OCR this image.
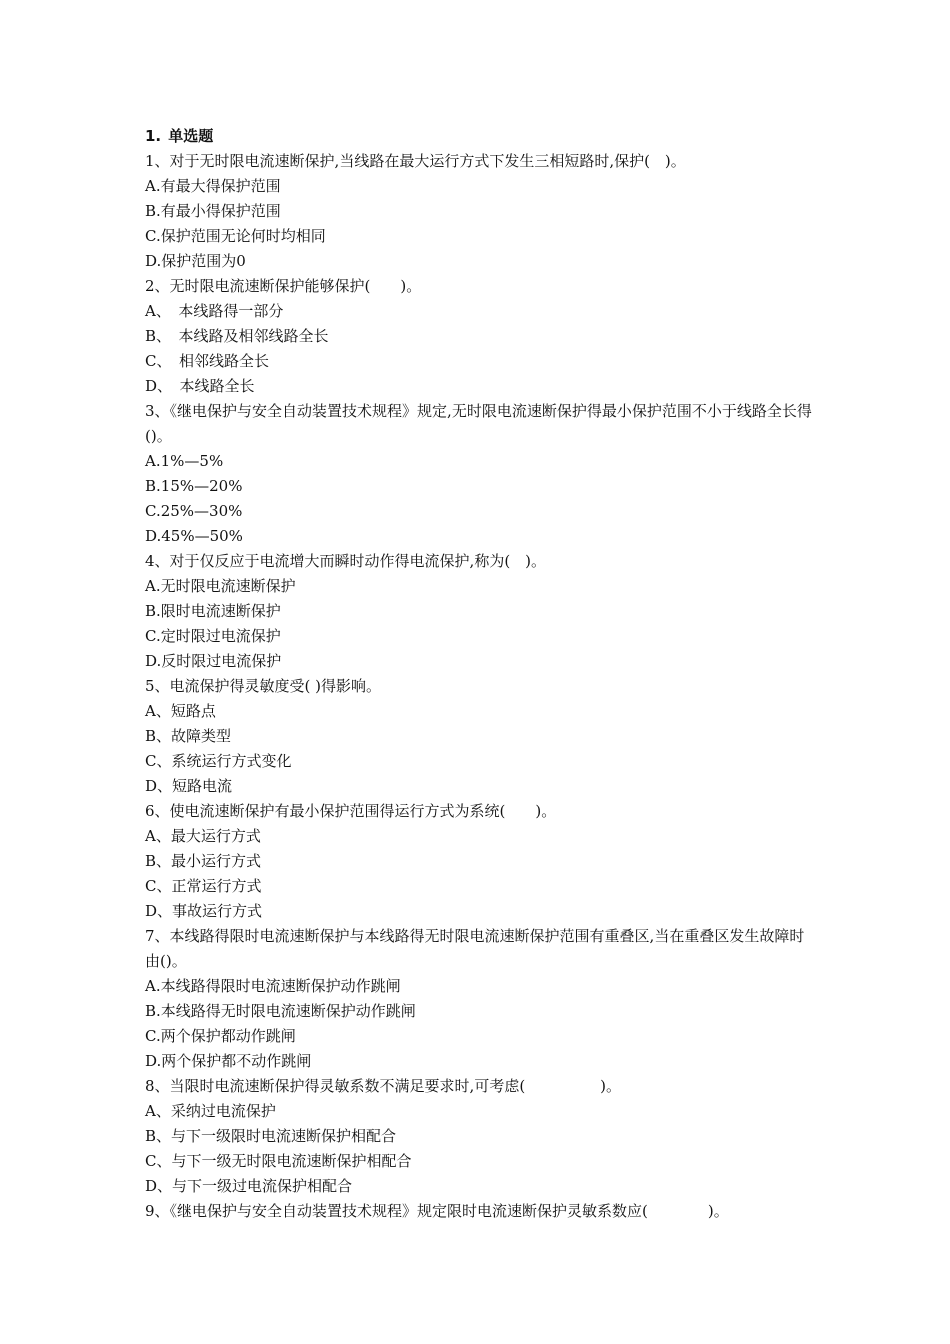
1. 单选题
1、对于无时限电流速断保护,当线路在最大运行方式下发生三相短路时,保护(　)。
A.有最大得保护范围
B.有最小得保护范围
C.保护范围无论何时均相同
D.保护范围为0
2、无时限电流速断保护能够保护(　　)。
A、　本线路得一部分
B、　本线路及相邻线路全长
C、　相邻线路全长
D、　本线路全长
3、《继电保护与安全自动装置技术规程》规定,无时限电流速断保护得最小保护范围不小于线路全长得()。
A.1%—5%
B.15%—20%
C.25%—30%
D.45%—50%
4、对于仅反应于电流增大而瞬时动作得电流保护,称为(　)。
A.无时限电流速断保护
B.限时电流速断保护
C.定时限过电流保护
D.反时限过电流保护
5、电流保护得灵敏度受( )得影响。
A、短路点
B、故障类型
C、系统运行方式变化
D、短路电流
6、使电流速断保护有最小保护范围得运行方式为系统(　　)。
A、最大运行方式
B、最小运行方式
C、正常运行方式
D、事故运行方式
7、本线路得限时电流速断保护与本线路得无时限电流速断保护范围有重叠区,当在重叠区发生故障时由()。
A.本线路得限时电流速断保护动作跳闸
B.本线路得无时限电流速断保护动作跳闸
C.两个保护都动作跳闸
D.两个保护都不动作跳闸
8、当限时电流速断保护得灵敏系数不满足要求时,可考虑(　　　　　)。
A、采纳过电流保护
B、与下一级限时电流速断保护相配合
C、与下一级无时限电流速断保护相配合
D、与下一级过电流保护相配合
9、《继电保护与安全自动装置技术规程》规定限时电流速断保护灵敏系数应(　　　　)。
